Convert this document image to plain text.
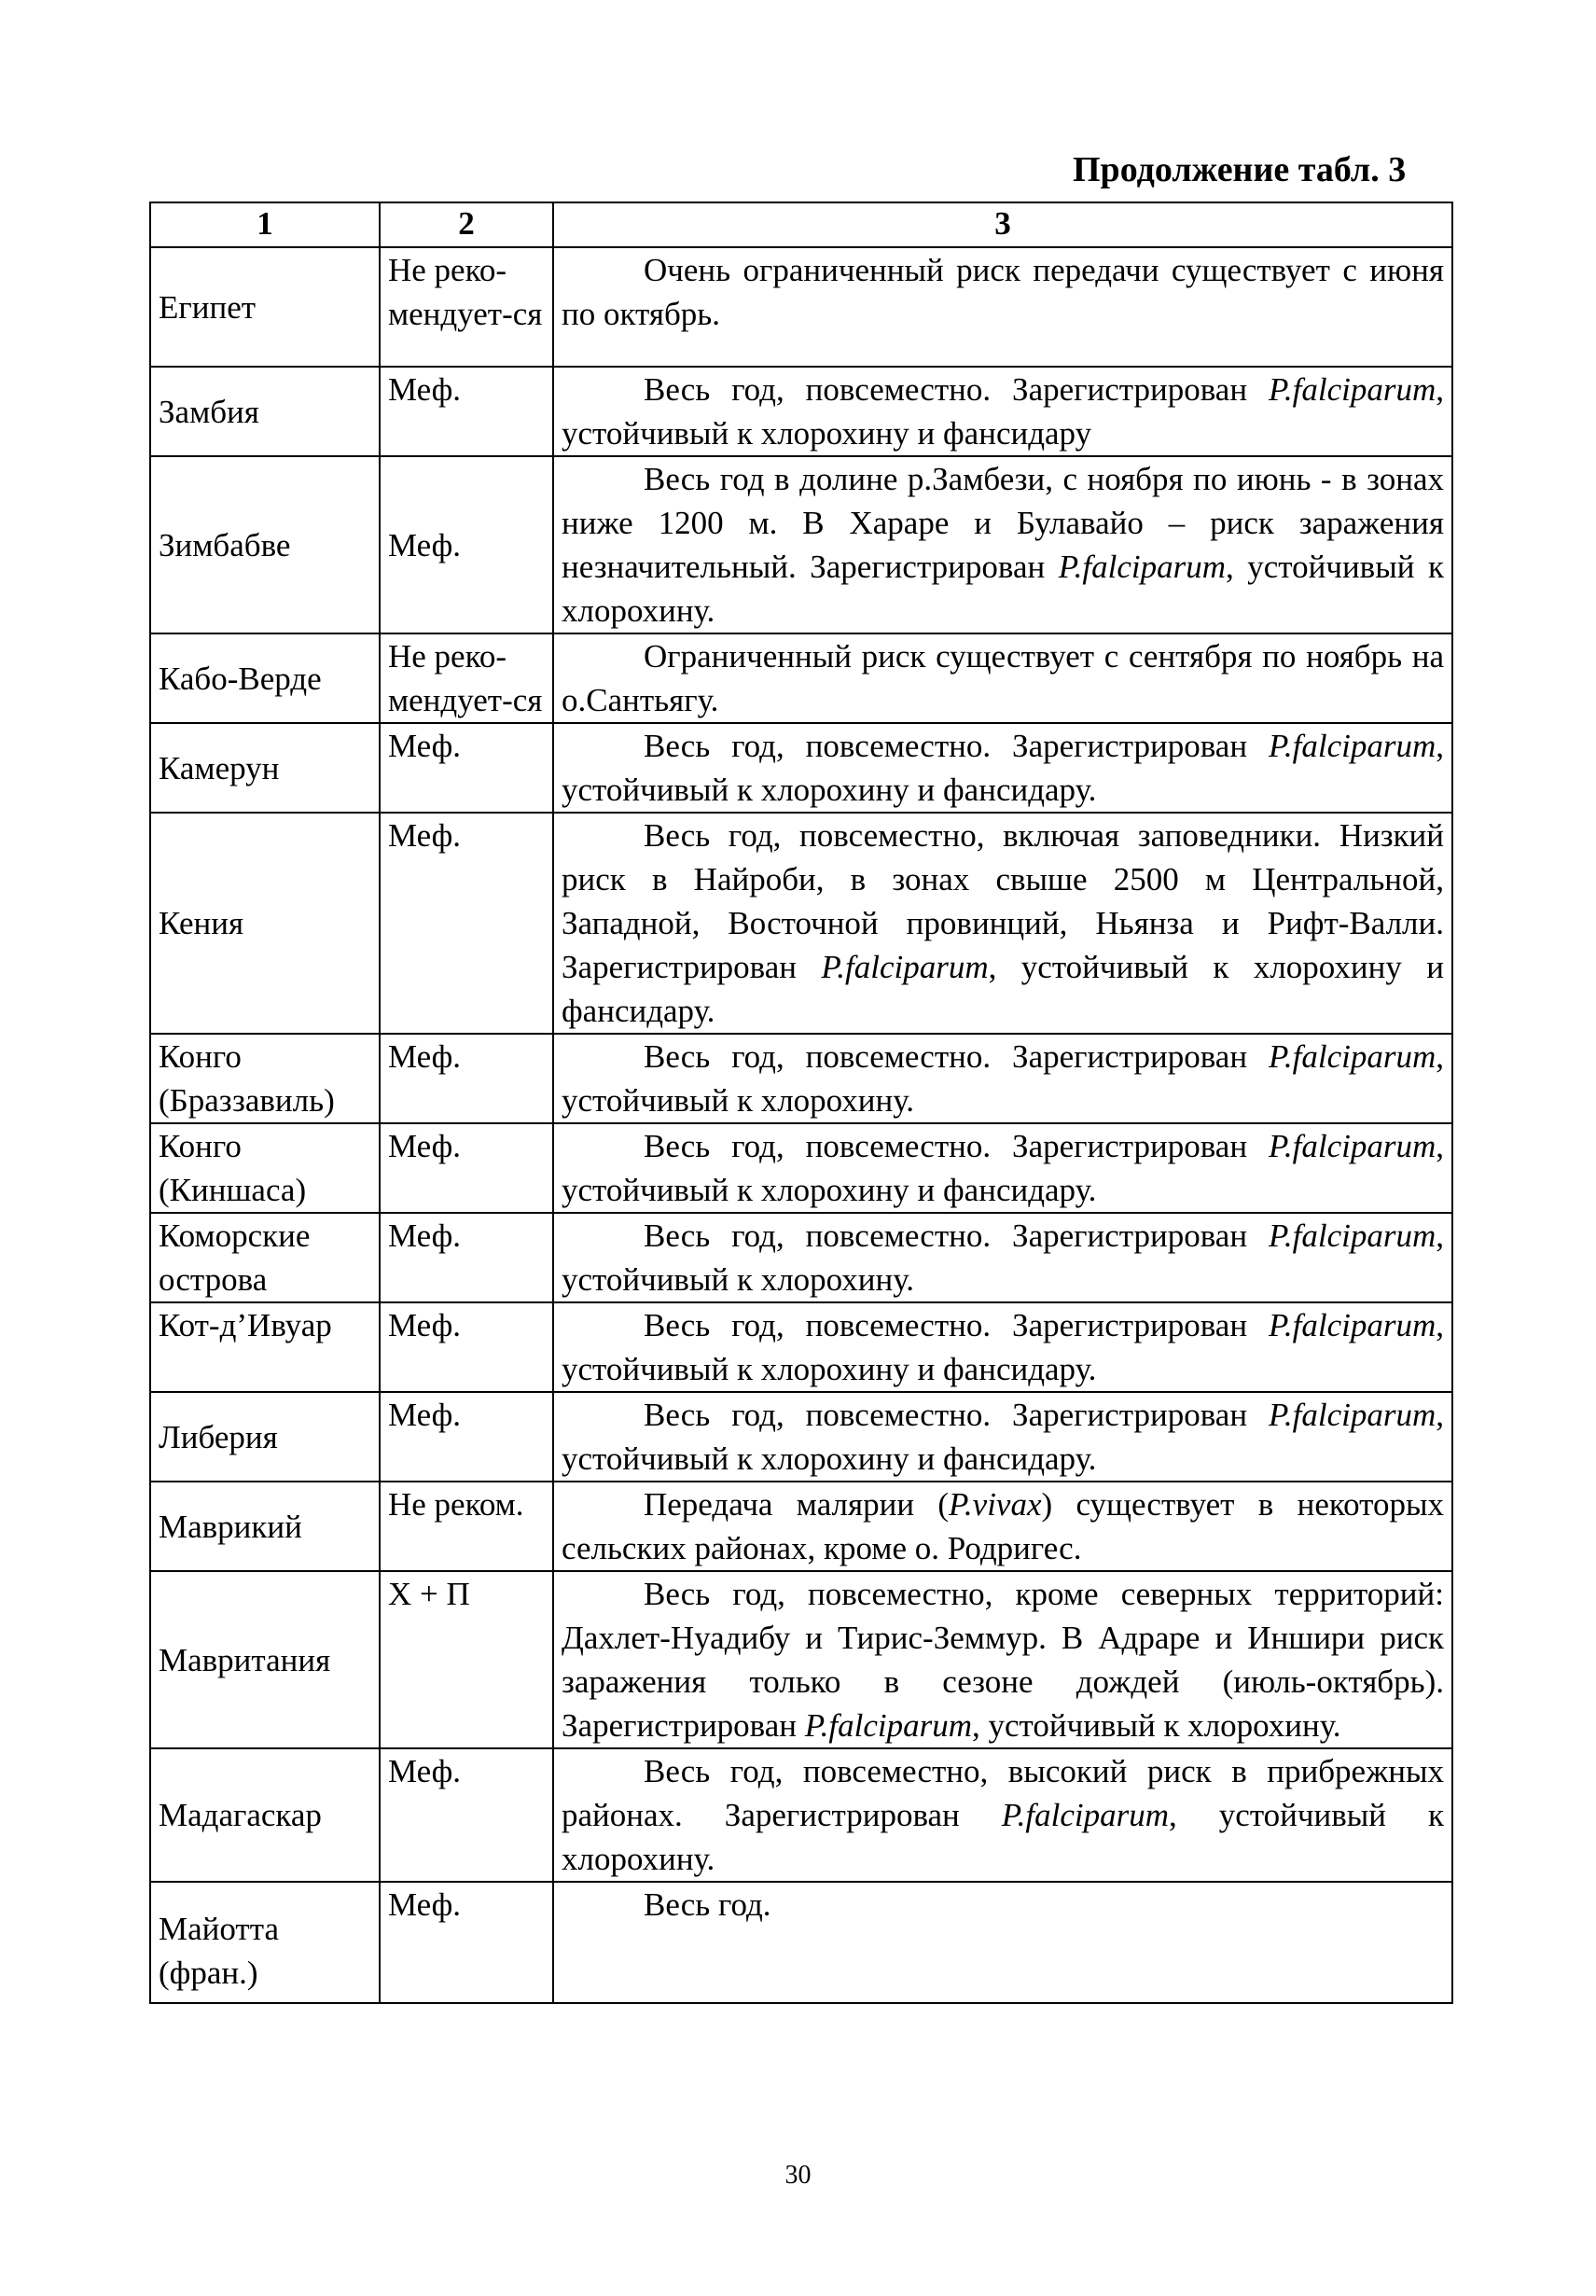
Продолжение табл. 3
1	2	3
Египет	Не реко-мендует-ся	Очень ограниченный риск передачи существует с июня по октябрь.
Замбия	Меф.	Весь год, повсеместно. Зарегистрирован P.falciparum, устойчивый к хлорохину и фансидару
Зимбабве	Меф.	Весь год в долине р.Замбези, с ноября по июнь - в зонах ниже 1200 м. В Хараре и Булавайо – риск заражения незначительный. Зарегистрирован P.falciparum, устойчивый к хлорохину.
Кабо-Верде	Не реко-мендует-ся	Ограниченный риск существует с сентября по ноябрь на о.Сантьягу.
Камерун	Меф.	Весь год, повсеместно. Зарегистрирован P.falciparum, устойчивый к хлорохину и фансидару.
Кения	Меф.	Весь год, повсеместно, включая заповедники. Низкий риск в Найроби, в зонах свыше 2500 м Центральной, Западной, Восточной провинций, Ньянза и Рифт-Валли. Зарегистрирован P.falciparum, устойчивый к хлорохину и фансидару.
Конго (Браззавиль)	Меф.	Весь год, повсеместно. Зарегистрирован P.falciparum, устойчивый к хлорохину.
Конго (Киншаса)	Меф.	Весь год, повсеместно. Зарегистрирован P.falciparum, устойчивый к хлорохину и фансидару.
Коморские острова	Меф.	Весь год, повсеместно. Зарегистрирован P.falciparum, устойчивый к хлорохину.
Кот-д’Ивуар	Меф.	Весь год, повсеместно. Зарегистрирован P.falciparum, устойчивый к хлорохину и фансидару.
Либерия	Меф.	Весь год, повсеместно. Зарегистрирован P.falciparum, устойчивый к хлорохину и фансидару.
Маврикий	Не реком.	Передача малярии (P.vivax) существует в некоторых сельских районах, кроме о. Родригес.
Мавритания	Х + П	Весь год, повсеместно, кроме северных территорий: Дахлет-Нуадибу и Тирис-Земмур. В Адраре и Иншири риск заражения только в сезоне дождей (июль-октябрь). Зарегистрирован P.falciparum, устойчивый к хлорохину.
Мадагаскар	Меф.	Весь год, повсеместно, высокий риск в прибрежных районах. Зарегистрирован P.falciparum, устойчивый к хлорохину.
Майотта (фран.)	Меф.	Весь год.
30
